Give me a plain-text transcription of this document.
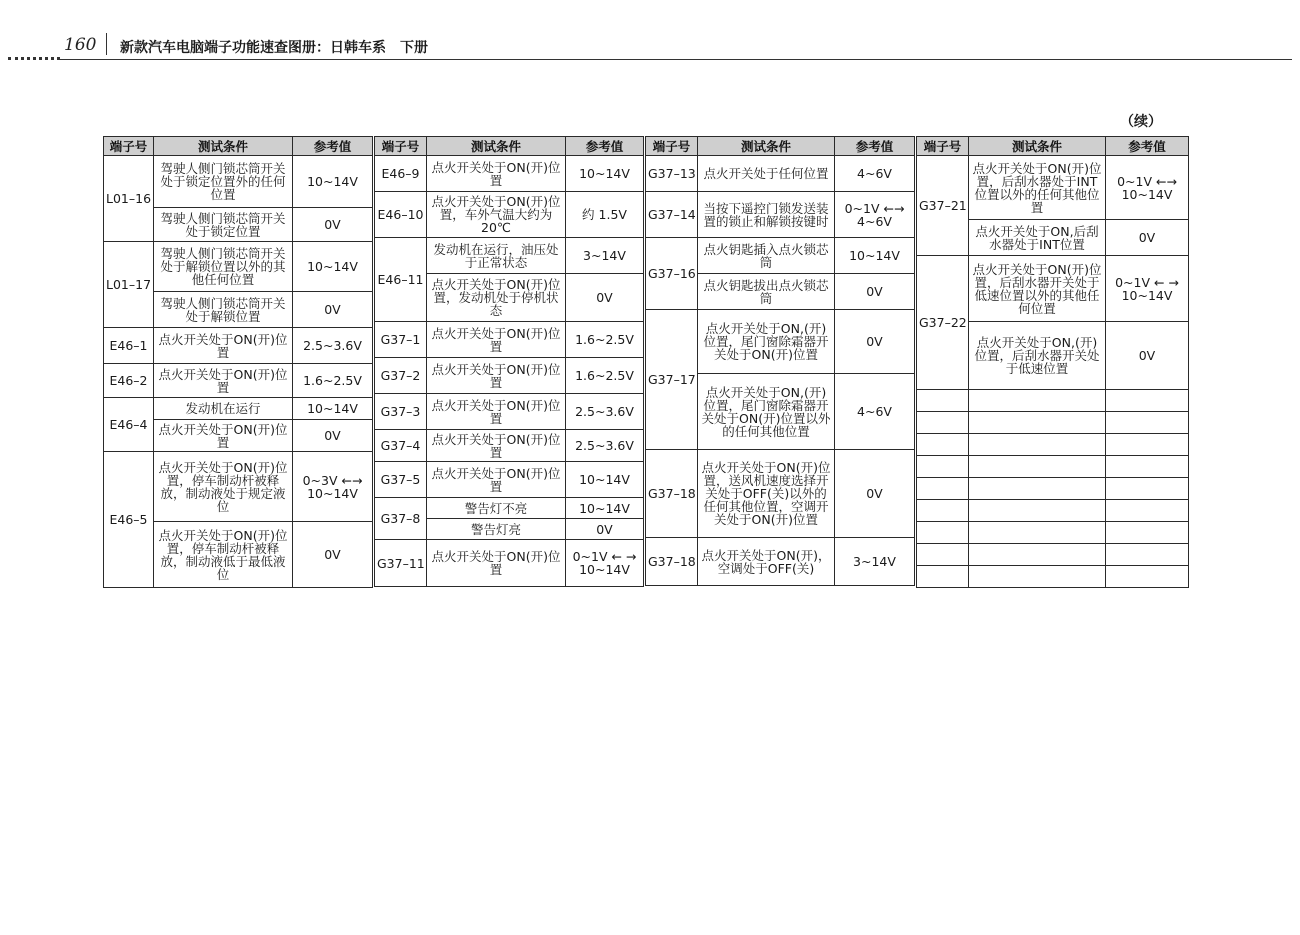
160 新款汽车电脑端子功能速查图册：日韩车系　下册
（续）
端子号	测试条件	参考值
L01–16	驾驶人侧门锁芯筒开关处于锁定位置外的任何位置	10~14V
	驾驶人侧门锁芯筒开关处于锁定位置	0V
L01–17	驾驶人侧门锁芯筒开关处于解锁位置以外的其他任何位置	10~14V
	驾驶人侧门锁芯筒开关处于解锁位置	0V
E46–1	点火开关处于ON(开)位置	2.5~3.6V
E46–2	点火开关处于ON(开)位置	1.6~2.5V
E46–4	发动机在运行	10~14V
	点火开关处于ON(开)位置	0V
E46–5	点火开关处于ON(开)位置，停车制动杆被释放，制动液处于规定液位	0~3V ←→ 10~14V
	点火开关处于ON(开)位置，停车制动杆被释放，制动液低于最低液位	0V
端子号	测试条件	参考值
E46–9	点火开关处于ON(开)位置	10~14V
E46–10	点火开关处于ON(开)位置，车外气温大约为20℃	约 1.5V
E46–11	发动机在运行，油压处于正常状态	3~14V
	点火开关处于ON(开)位置，发动机处于停机状态	0V
G37–1	点火开关处于ON(开)位置	1.6~2.5V
G37–2	点火开关处于ON(开)位置	1.6~2.5V
G37–3	点火开关处于ON(开)位置	2.5~3.6V
G37–4	点火开关处于ON(开)位置	2.5~3.6V
G37–5	点火开关处于ON(开)位置	10~14V
G37–8	警告灯不亮	10~14V
	警告灯亮	0V
G37–11	点火开关处于ON(开)位置	0~1V ← → 10~14V
端子号	测试条件	参考值
G37–13	点火开关处于任何位置	4~6V
G37–14	当按下遥控门锁发送装置的锁止和解锁按键时	0~1V ←→ 4~6V
G37–16	点火钥匙插入点火锁芯筒	10~14V
	点火钥匙拔出点火锁芯筒	0V
G37–17	点火开关处于ON,(开)位置，尾门窗除霜器开关处于ON(开)位置	0V
	点火开关处于ON,(开)位置，尾门窗除霜器开关处于ON(开)位置以外的任何其他位置	4~6V
G37–18	点火开关处于ON(开)位置，送风机速度选择开关处于OFF(关)以外的任何其他位置，空调开关处于ON(开)位置	0V
G37–18	点火开关处于ON(开)，空调处于OFF(关)	3~14V
端子号	测试条件	参考值
G37–21	点火开关处于ON(开)位置，后刮水器处于INT位置以外的任何其他位置	0~1V ←→ 10~14V
	点火开关处于ON,后刮水器处于INT位置	0V
G37–22	点火开关处于ON(开)位置，后刮水器开关处于低速位置以外的其他任何位置	0~1V ← → 10~14V
	点火开关处于ON,(开)位置，后刮水器开关处于低速位置	0V
